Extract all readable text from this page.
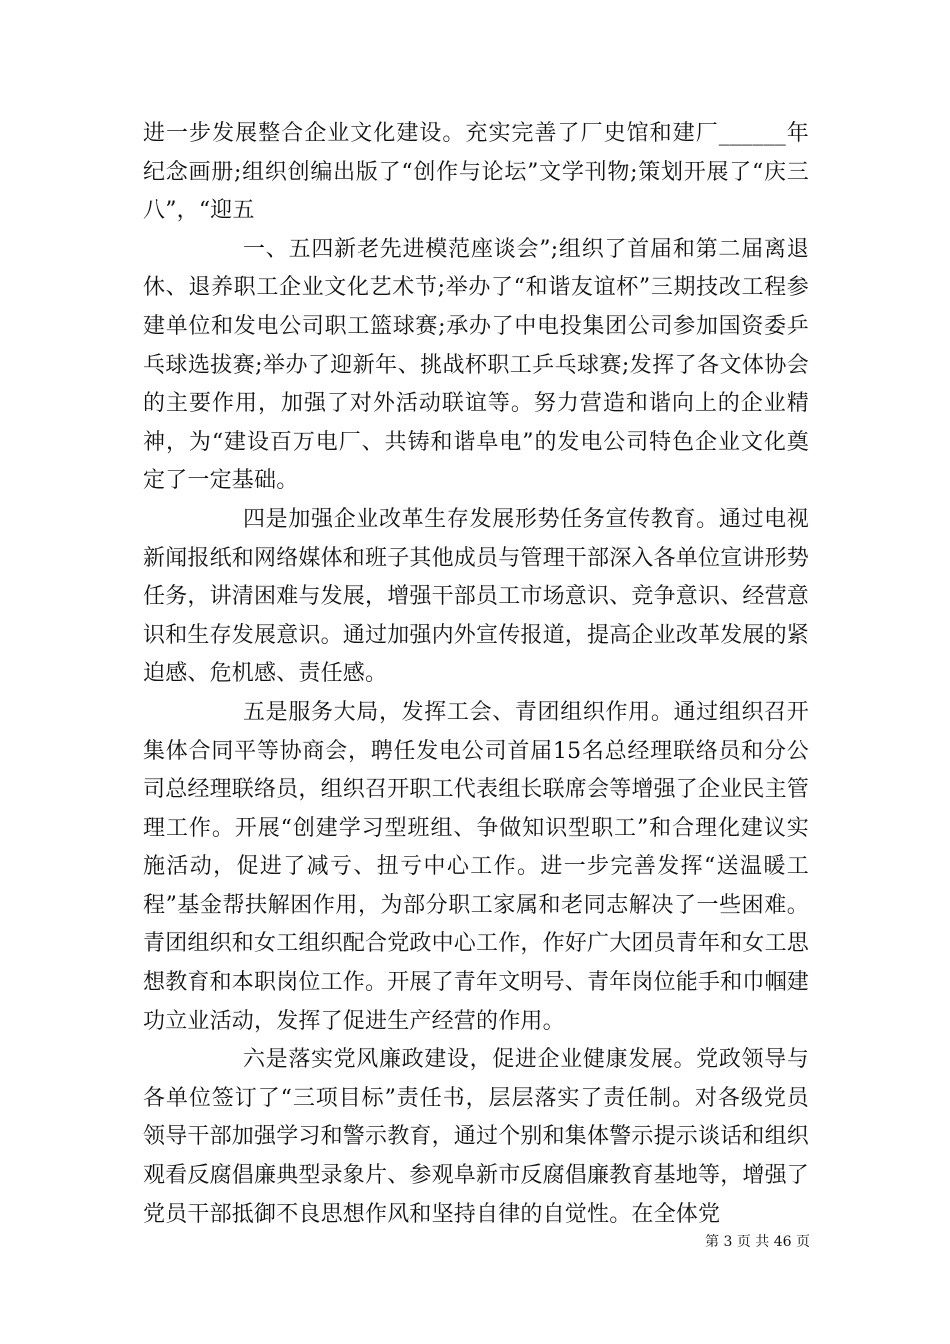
进一步发展整合企业文化建设。充实完善了厂史馆和建厂______年纪念画册;组织创编出版了“创作与论坛”文学刊物;策划开展了“庆三八”，“迎五

一、五四新老先进模范座谈会”;组织了首届和第二届离退休、退养职工企业文化艺术节;举办了“和谐友谊杯”三期技改工程参建单位和发电公司职工篮球赛;承办了中电投集团公司参加国资委乒乓球选拔赛;举办了迎新年、挑战杯职工乒乓球赛;发挥了各文体协会的主要作用，加强了对外活动联谊等。努力营造和谐向上的企业精神，为“建设百万电厂、共铸和谐阜电”的发电公司特色企业文化奠定了一定基础。

四是加强企业改革生存发展形势任务宣传教育。通过电视新闻报纸和网络媒体和班子其他成员与管理干部深入各单位宣讲形势任务，讲清困难与发展，增强干部员工市场意识、竞争意识、经营意识和生存发展意识。通过加强内外宣传报道，提高企业改革发展的紧迫感、危机感、责任感。

五是服务大局，发挥工会、青团组织作用。通过组织召开集体合同平等协商会，聘任发电公司首届15名总经理联络员和分公司总经理联络员，组织召开职工代表组长联席会等增强了企业民主管理工作。开展“创建学习型班组、争做知识型职工”和合理化建议实施活动，促进了减亏、扭亏中心工作。进一步完善发挥“送温暖工程”基金帮扶解困作用，为部分职工家属和老同志解决了一些困难。青团组织和女工组织配合党政中心工作，作好广大团员青年和女工思想教育和本职岗位工作。开展了青年文明号、青年岗位能手和巾帼建功立业活动，发挥了促进生产经营的作用。

六是落实党风廉政建设，促进企业健康发展。党政领导与各单位签订了“三项目标”责任书，层层落实了责任制。对各级党员领导干部加强学习和警示教育，通过个别和集体警示提示谈话和组织观看反腐倡廉典型录象片、参观阜新市反腐倡廉教育基地等，增强了党员干部抵御不良思想作风和坚持自律的自觉性。在全体党

第 3 页 共 46 页
